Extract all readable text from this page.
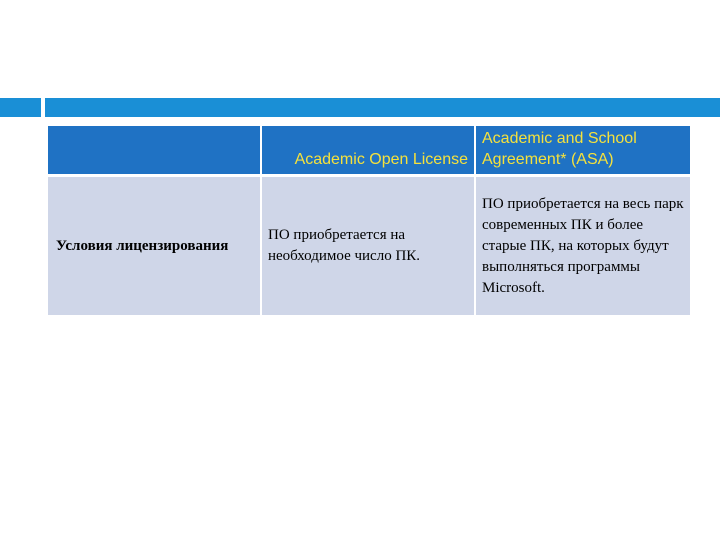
	Academic Open License	Academic and School Agreement* (ASA)

Условия лицензирования	ПО приобретается на необходимое число ПК.	ПО приобретается на весь парк современных ПК и более старые ПК, на которых будут выполняться программы Microsoft.
